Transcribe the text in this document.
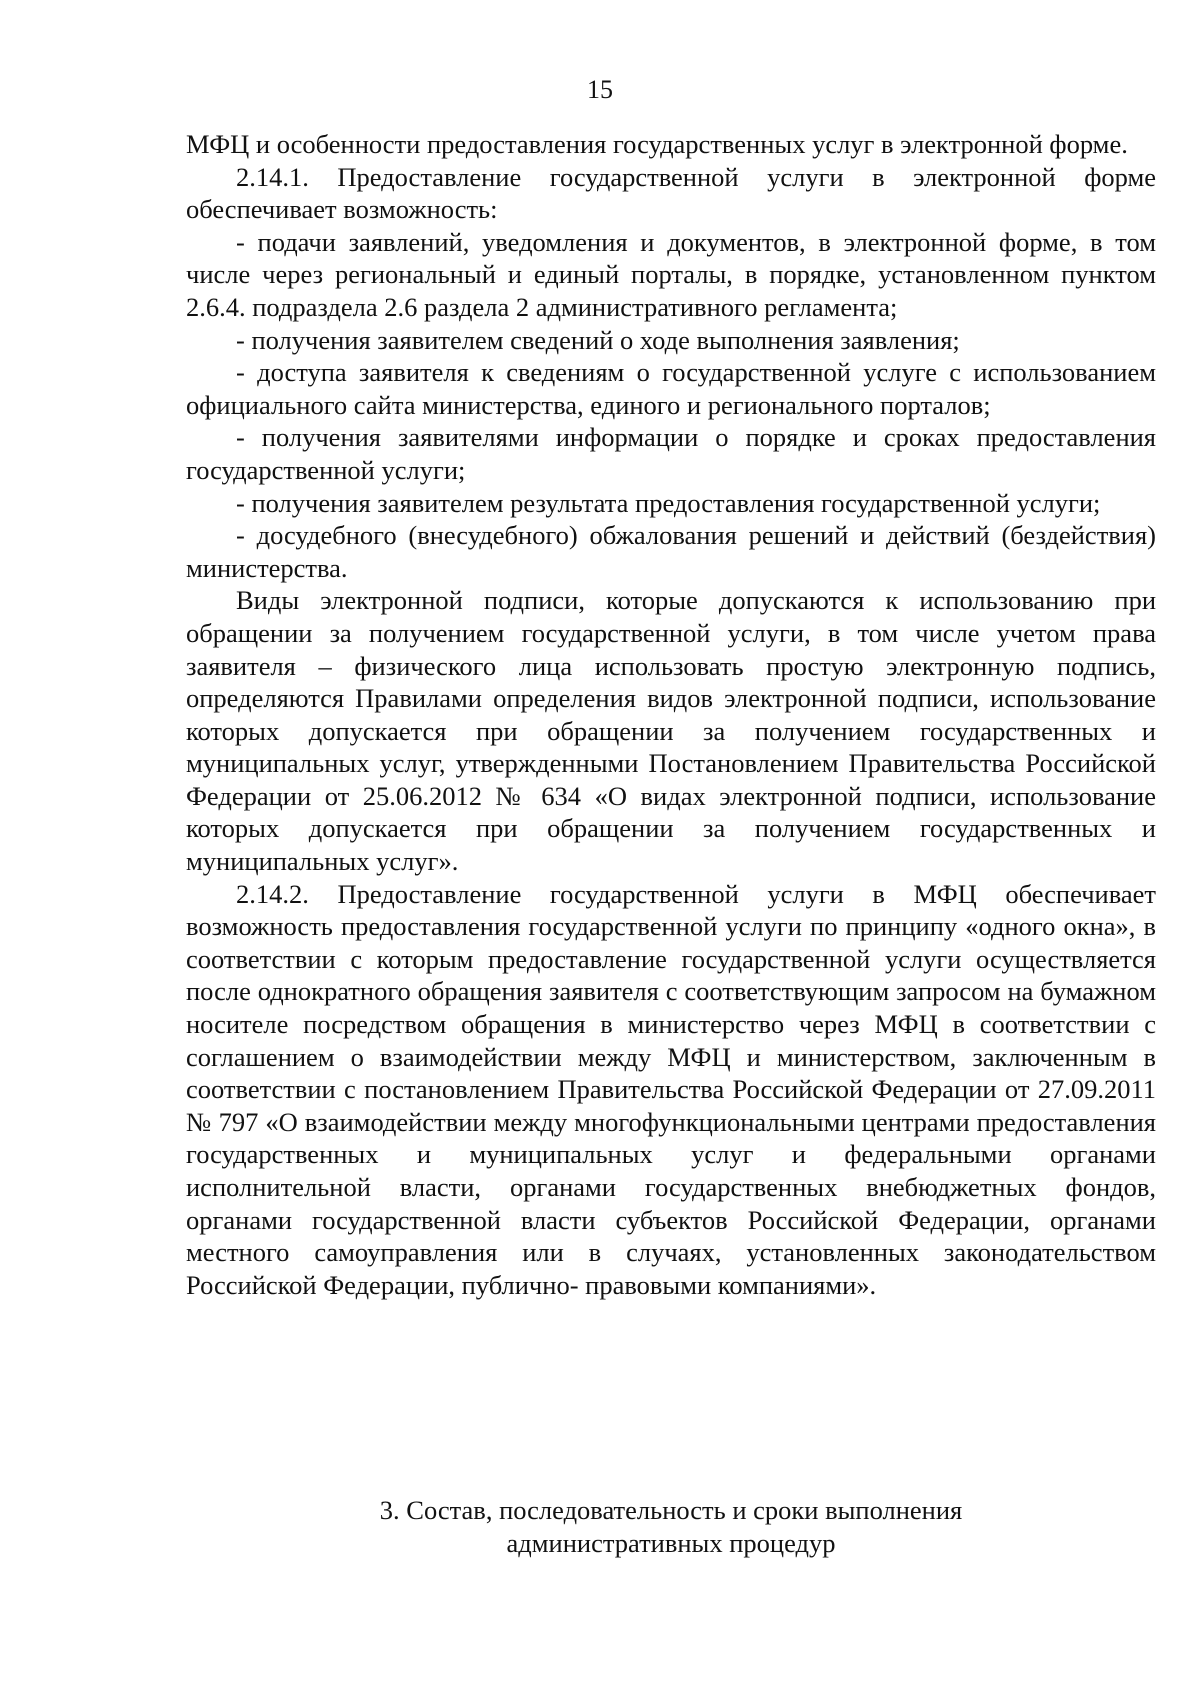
15

МФЦ и особенности предоставления государственных услуг в электронной форме.

2.14.1. Предоставление государственной услуги в электронной форме обеспечивает возможность:

- подачи заявлений, уведомления и документов, в электронной форме, в том числе через региональный и единый порталы, в порядке, установленном пунктом 2.6.4. подраздела 2.6 раздела 2 административного регламента;

- получения заявителем сведений о ходе выполнения заявления;

- доступа заявителя к сведениям о государственной услуге с использованием официального сайта министерства, единого и регионального порталов;

- получения заявителями информации о порядке и сроках предоставления государственной услуги;

- получения заявителем результата предоставления государственной услуги;

- досудебного (внесудебного) обжалования решений и действий (бездействия) министерства.

Виды электронной подписи, которые допускаются к использованию при обращении за получением государственной услуги, в том числе учетом права заявителя – физического лица использовать простую электронную подпись, определяются Правилами определения видов электронной подписи, использование которых допускается при обращении за получением государственных и муниципальных услуг, утвержденными Постановлением Правительства Российской Федерации от 25.06.2012 № 634 «О видах электронной подписи, использование которых допускается при обращении за получением государственных и муниципальных услуг».

2.14.2. Предоставление государственной услуги в МФЦ обеспечивает возможность предоставления государственной услуги по принципу «одного окна», в соответствии с которым предоставление государственной услуги осуществляется после однократного обращения заявителя с соответствующим запросом на бумажном носителе посредством обращения в министерство через МФЦ в соответствии с соглашением о взаимодействии между МФЦ и министерством, заключенным в соответствии с постановлением Правительства Российской Федерации от 27.09.2011 № 797 «О взаимодействии между многофункциональными центрами предоставления государственных и муниципальных услуг и федеральными органами исполнительной власти, органами государственных внебюджетных фондов, органами государственной власти субъектов Российской Федерации, органами местного самоуправления или в случаях, установленных законодательством Российской Федерации, публично- правовыми компаниями».

3. Состав, последовательность и сроки выполнения
административных процедур
